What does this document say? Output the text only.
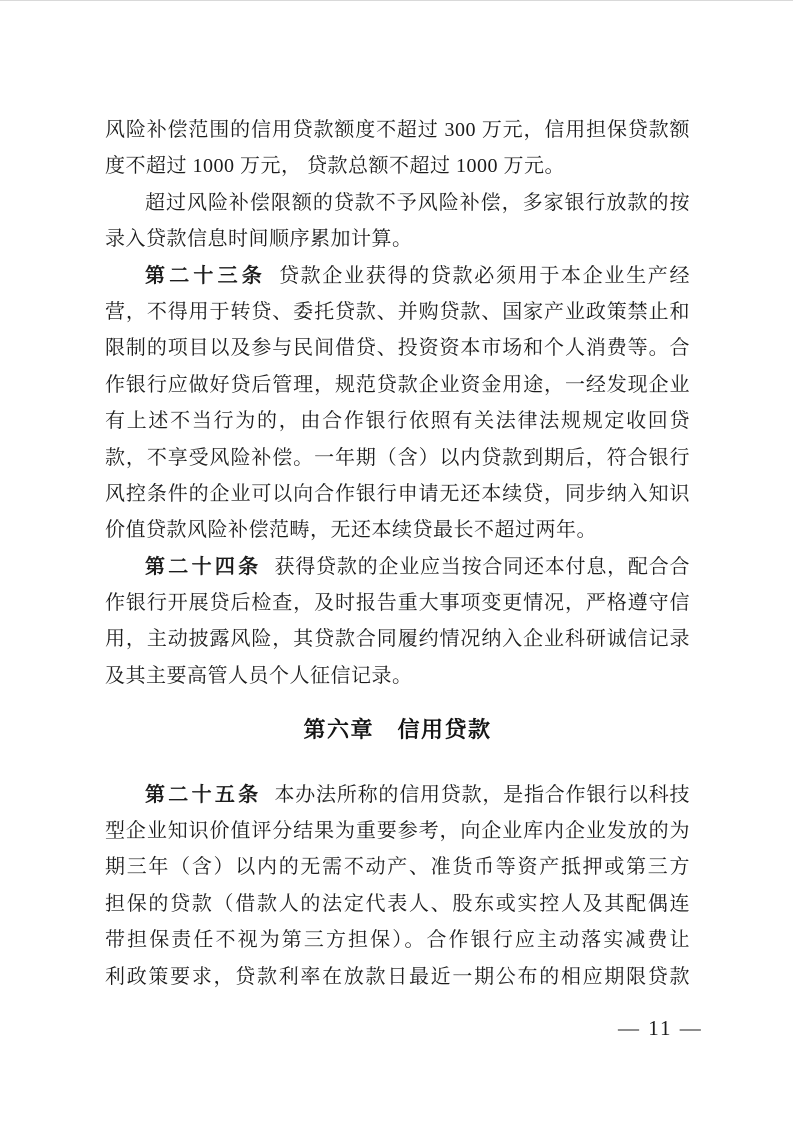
风险补偿范围的信用贷款额度不超过 300 万元，信用担保贷款额
度不超过 1000 万元， 贷款总额不超过 1000 万元。
超过风险补偿限额的贷款不予风险补偿，多家银行放款的按
录入贷款信息时间顺序累加计算。
第二十三条 贷款企业获得的贷款必须用于本企业生产经
营，不得用于转贷、委托贷款、并购贷款、国家产业政策禁止和
限制的项目以及参与民间借贷、投资资本市场和个人消费等。合
作银行应做好贷后管理，规范贷款企业资金用途，一经发现企业
有上述不当行为的，由合作银行依照有关法律法规规定收回贷
款，不享受风险补偿。一年期（含）以内贷款到期后，符合银行
风控条件的企业可以向合作银行申请无还本续贷，同步纳入知识
价值贷款风险补偿范畴，无还本续贷最长不超过两年。
第二十四条 获得贷款的企业应当按合同还本付息，配合合
作银行开展贷后检查，及时报告重大事项变更情况，严格遵守信
用，主动披露风险，其贷款合同履约情况纳入企业科研诚信记录
及其主要高管人员个人征信记录。
第六章　信用贷款
第二十五条 本办法所称的信用贷款，是指合作银行以科技
型企业知识价值评分结果为重要参考，向企业库内企业发放的为
期三年（含）以内的无需不动产、准货币等资产抵押或第三方
担保的贷款（借款人的法定代表人、股东或实控人及其配偶连
带担保责任不视为第三方担保）。合作银行应主动落实减费让
利政策要求，贷款利率在放款日最近一期公布的相应期限贷款
— 11 —
